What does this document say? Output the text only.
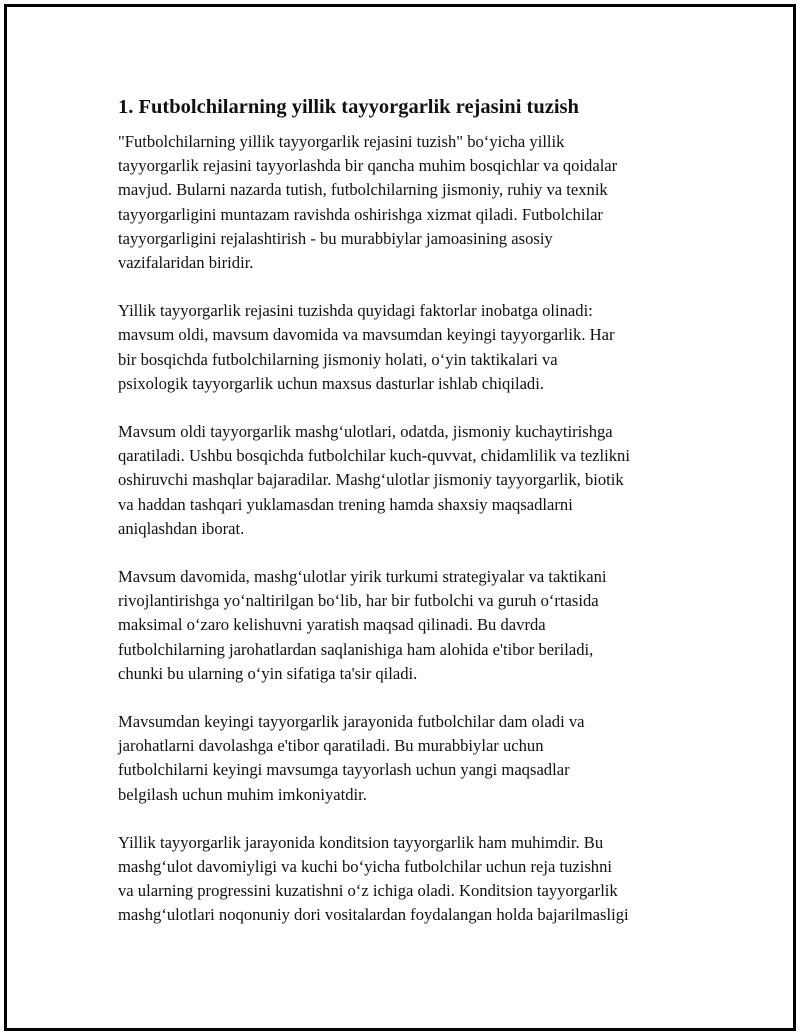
1. Futbolchilarning yillik tayyorgarlik rejasini tuzish

"Futbolchilarning yillik tayyorgarlik rejasini tuzish" bo‘yicha yillik
tayyorgarlik rejasini tayyorlashda bir qancha muhim bosqichlar va qoidalar
mavjud. Bularni nazarda tutish, futbolchilarning jismoniy, ruhiy va texnik
tayyorgarligini muntazam ravishda oshirishga xizmat qiladi. Futbolchilar
tayyorgarligini rejalashtirish - bu murabbiylar jamoasining asosiy
vazifalaridan biridir.

Yillik tayyorgarlik rejasini tuzishda quyidagi faktorlar inobatga olinadi:
mavsum oldi, mavsum davomida va mavsumdan keyingi tayyorgarlik. Har
bir bosqichda futbolchilarning jismoniy holati, o‘yin taktikalari va
psixologik tayyorgarlik uchun maxsus dasturlar ishlab chiqiladi.

Mavsum oldi tayyorgarlik mashg‘ulotlari, odatda, jismoniy kuchaytirishga
qaratiladi. Ushbu bosqichda futbolchilar kuch-quvvat, chidamlilik va tezlikni
oshiruvchi mashqlar bajaradilar. Mashg‘ulotlar jismoniy tayyorgarlik, biotik
va haddan tashqari yuklamasdan trening hamda shaxsiy maqsadlarni
aniqlashdan iborat.

Mavsum davomida, mashg‘ulotlar yirik turkumi strategiyalar va taktikani
rivojlantirishga yo‘naltirilgan bo‘lib, har bir futbolchi va guruh o‘rtasida
maksimal o‘zaro kelishuvni yaratish maqsad qilinadi. Bu davrda
futbolchilarning jarohatlardan saqlanishiga ham alohida e'tibor beriladi,
chunki bu ularning o‘yin sifatiga ta'sir qiladi.

Mavsumdan keyingi tayyorgarlik jarayonida futbolchilar dam oladi va
jarohatlarni davolashga e'tibor qaratiladi. Bu murabbiylar uchun
futbolchilarni keyingi mavsumga tayyorlash uchun yangi maqsadlar
belgilash uchun muhim imkoniyatdir.

Yillik tayyorgarlik jarayonida konditsion tayyorgarlik ham muhimdir. Bu
mashg‘ulot davomiyligi va kuchi bo‘yicha futbolchilar uchun reja tuzishni
va ularning progressini kuzatishni o‘z ichiga oladi. Konditsion tayyorgarlik
mashg‘ulotlari noqonuniy dori vositalardan foydalangan holda bajarilmasligi
